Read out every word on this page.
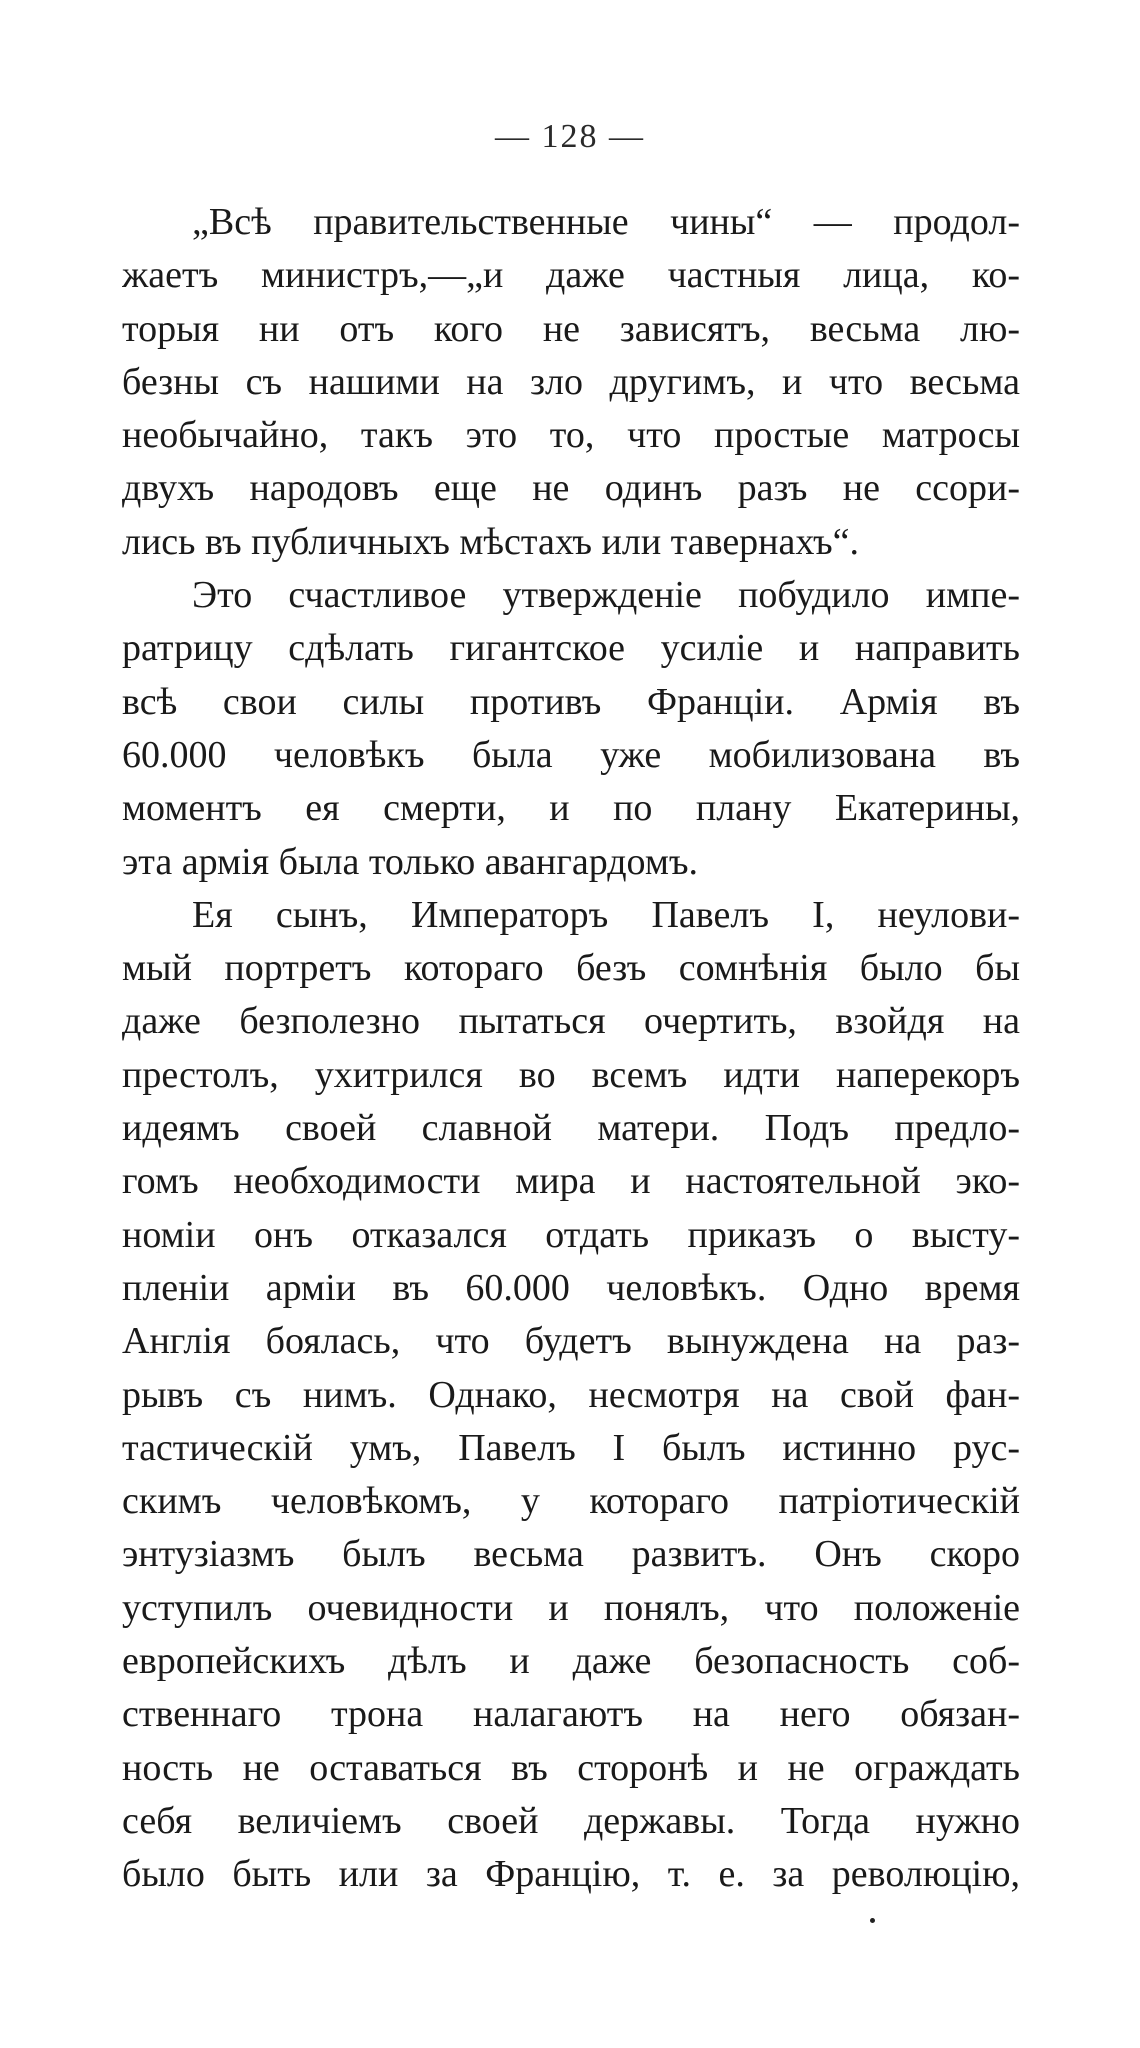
— 128 —
„Всѣ правительственные чины“ — продол-
жаетъ министръ,—„и даже частныя лица, ко-
торыя ни отъ кого не зависятъ, весьма лю-
безны съ нашими на зло другимъ, и что весьма
необычайно, такъ это то, что простые матросы
двухъ народовъ еще не одинъ разъ не ссори-
лись въ публичныхъ мѣстахъ или тавернахъ“.
Это счастливое утвержденіе побудило импе-
ратрицу сдѣлать гигантское усиліе и направить
всѣ свои силы противъ Франціи. Армія въ
60.000 человѣкъ была уже мобилизована въ
моментъ ея смерти, и по плану Екатерины,
эта армія была только авангардомъ.
Ея сынъ, Императоръ Павелъ I, неулови-
мый портретъ котораго безъ сомнѣнія было бы
даже безполезно пытаться очертить, взойдя на
престолъ, ухитрился во всемъ идти наперекоръ
идеямъ своей славной матери. Подъ предло-
гомъ необходимости мира и настоятельной эко-
номіи онъ отказался отдать приказъ о высту-
пленіи арміи въ 60.000 человѣкъ. Одно время
Англія боялась, что будетъ вынуждена на раз-
рывъ съ нимъ. Однако, несмотря на свой фан-
тастическій умъ, Павелъ I былъ истинно рус-
скимъ человѣкомъ, у котораго патріотическій
энтузіазмъ былъ весьма развитъ. Онъ скоро
уступилъ очевидности и понялъ, что положеніе
европейскихъ дѣлъ и даже безопасность соб-
ственнаго трона налагаютъ на него обязан-
ность не оставаться въ сторонѣ и не ограждать
себя величіемъ своей державы. Тогда нужно
было быть или за Францію, т. е. за революцію,
